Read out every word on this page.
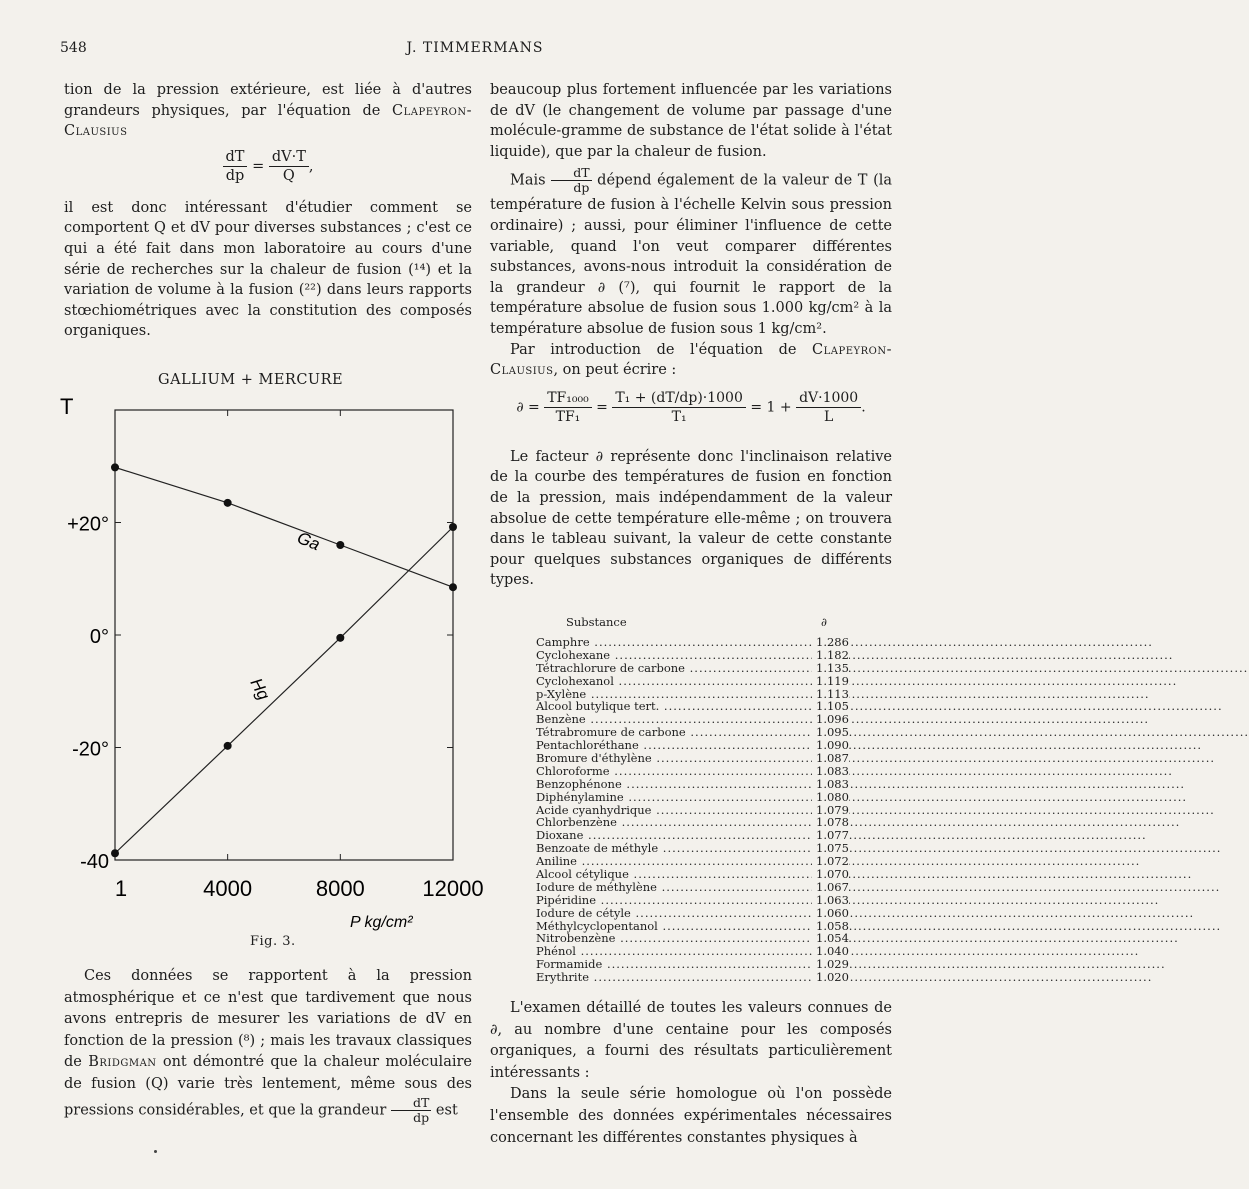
548	J. TIMMERMANS

tion de la pression extérieure, est liée à d'autres grandeurs physiques, par l'équation de Clapeyron-Clausius

$\frac{dT}{dp} = \frac{dV\cdot T}{Q}$ ,

il est donc intéressant d'étudier comment se comportent Q et dV pour diverses substances ; c'est ce qui a été fait dans mon laboratoire au cours d'une série de recherches sur la chaleur de fusion (¹⁴) et la variation de volume à la fusion (²²) dans leurs rapports stœchiométriques avec la constitution des composés organiques.

GALLIUM + MERCURE
T
+20°
0°
-20°
-40
1	4000	8000	12000
Ga
Hg
P kg/cm²
Fig. 3.

Ces données se rapportent à la pression atmosphérique et ce n'est que tardivement que nous avons entrepris de mesurer les variations de dV en fonction de la pression (⁸) ; mais les travaux classiques de Bridgman ont démontré que la chaleur moléculaire de fusion (Q) varie très lentement, même sous des pressions considérables, et que la grandeur $\frac{dT}{dp}$ est

beaucoup plus fortement influencée par les variations de dV (le changement de volume par passage d'une molécule-gramme de substance de l'état solide à l'état liquide), que par la chaleur de fusion.

Mais $\frac{dT}{dp}$ dépend également de la valeur de T (la température de fusion à l'échelle Kelvin sous pression ordinaire) ; aussi, pour éliminer l'influence de cette variable, quand l'on veut comparer différentes substances, avons-nous introduit la considération de la grandeur ∂ (⁷), qui fournit le rapport de la température absolue de fusion sous 1.000 kg/cm² à la température absolue de fusion sous 1 kg/cm².

Par introduction de l'équation de Clapeyron-Clausius, on peut écrire :

∂ = $\frac{\text{TF₁₀₀₀}}{\text{TF₁}} = \frac{\text{T₁ + (dT/dp)·1000}}{\text{T₁}} = 1 + \frac{dV\cdot 1000}{L}$ .

Le facteur ∂ représente donc l'inclinaison relative de la courbe des températures de fusion en fonction de la pression, mais indépendamment de la valeur absolue de cette température elle-même ; on trouvera dans le tableau suivant, la valeur de cette constante pour quelques substances organiques de différents types.

Substance	∂
Camphre .....	1.286
Cyclohexane .....	1.182
Tétrachlorure de carbone .....	1.135
Cyclohexanol .....	1.119
p-Xylène .....	1.113
Alcool butylique tert. .....	1.105
Benzène .....	1.096
Tétrabromure de carbone .....	1.095
Pentachloréthane .....	1.090
Bromure d'éthylène .....	1.087
Chloroforme .....	1.083
Benzophénone .....	1.083
Diphénylamine .....	1.080
Acide cyanhydrique .....	1.079
Chlorbenzène .....	1.078
Dioxane .....	1.077
Benzoate de méthyle .....	1.075
Aniline .....	1.072
Alcool cétylique .....	1.070
Iodure de méthylène .....	1.067
Pipéridine .....	1.063
Iodure de cétyle .....	1.060
Méthylcyclopentanol .....	1.058
Nitrobenzène .....	1.054
Phénol .....	1.040
Formamide .....	1.029
Erythrite .....	1.020

L'examen détaillé de toutes les valeurs connues de ∂, au nombre d'une centaine pour les composés organiques, a fourni des résultats particulièrement intéressants :

Dans la seule série homologue où l'on possède l'ensemble des données expérimentales nécessaires concernant les différentes constantes physiques à
